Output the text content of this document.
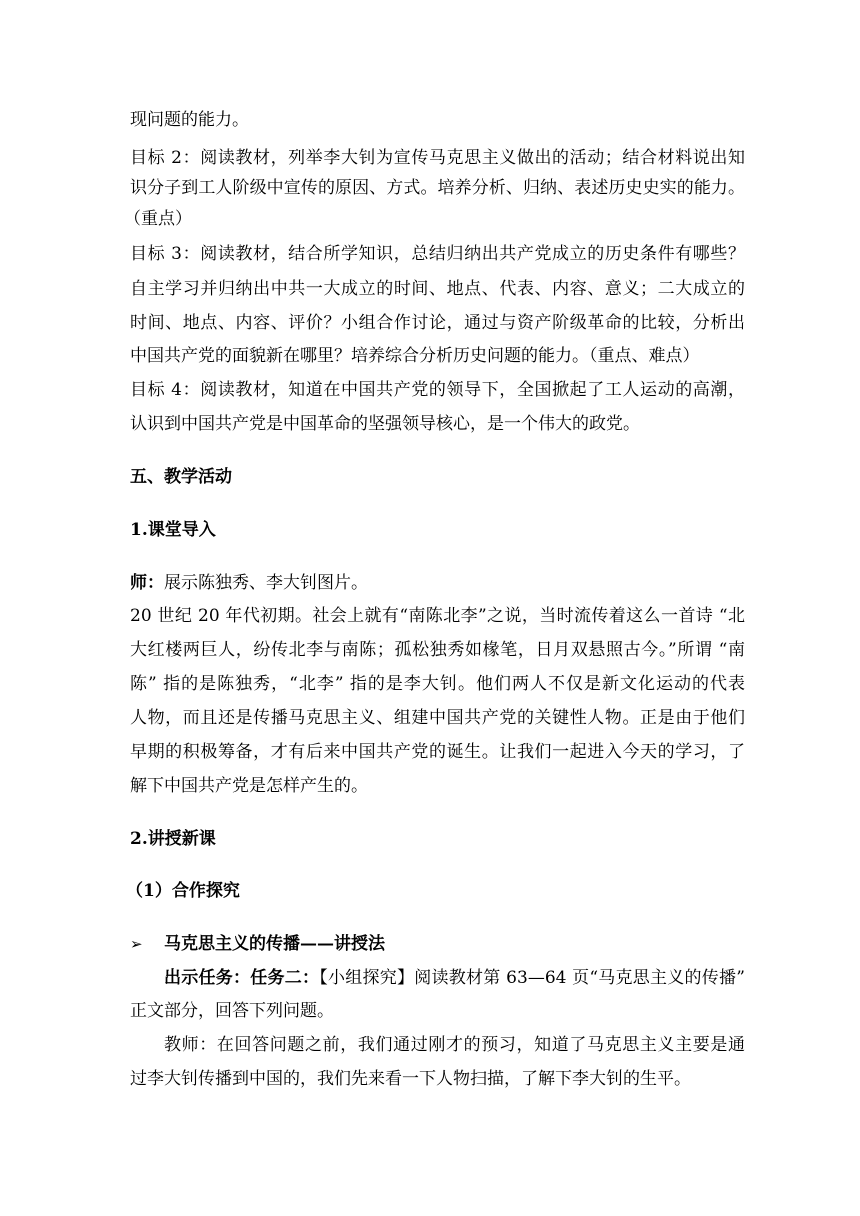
现问题的能力。
目标 2：阅读教材，列举李大钊为宣传马克思主义做出的活动；结合材料说出知
识分子到工人阶级中宣传的原因、方式。培养分析、归纳、表述历史史实的能力。
（重点）
目标 3：阅读教材，结合所学知识，总结归纳出共产党成立的历史条件有哪些？
自主学习并归纳出中共一大成立的时间、地点、代表、内容、意义；二大成立的
时间、地点、内容、评价？小组合作讨论，通过与资产阶级革命的比较，分析出
中国共产党的面貌新在哪里？培养综合分析历史问题的能力。（重点、难点）
目标 4：阅读教材，知道在中国共产党的领导下，全国掀起了工人运动的高潮，
认识到中国共产党是中国革命的坚强领导核心，是一个伟大的政党。
五、教学活动
1.课堂导入
师：展示陈独秀、李大钊图片。
20 世纪 20 年代初期。社会上就有“南陈北李”之说，当时流传着这么一首诗 “北
大红楼两巨人，纷传北李与南陈；孤松独秀如椽笔，日月双悬照古今。”所谓 “南
陈” 指的是陈独秀，“北李” 指的是李大钊。他们两人不仅是新文化运动的代表
人物，而且还是传播马克思主义、组建中国共产党的关键性人物。正是由于他们
早期的积极筹备，才有后来中国共产党的诞生。让我们一起进入今天的学习，了
解下中国共产党是怎样产生的。
2.讲授新课
（1）合作探究
➢ 马克思主义的传播——讲授法
出示任务：任务二：【小组探究】阅读教材第 63—64 页“马克思主义的传播”
正文部分，回答下列问题。
教师：在回答问题之前，我们通过刚才的预习，知道了马克思主义主要是通
过李大钊传播到中国的，我们先来看一下人物扫描，了解下李大钊的生平。
